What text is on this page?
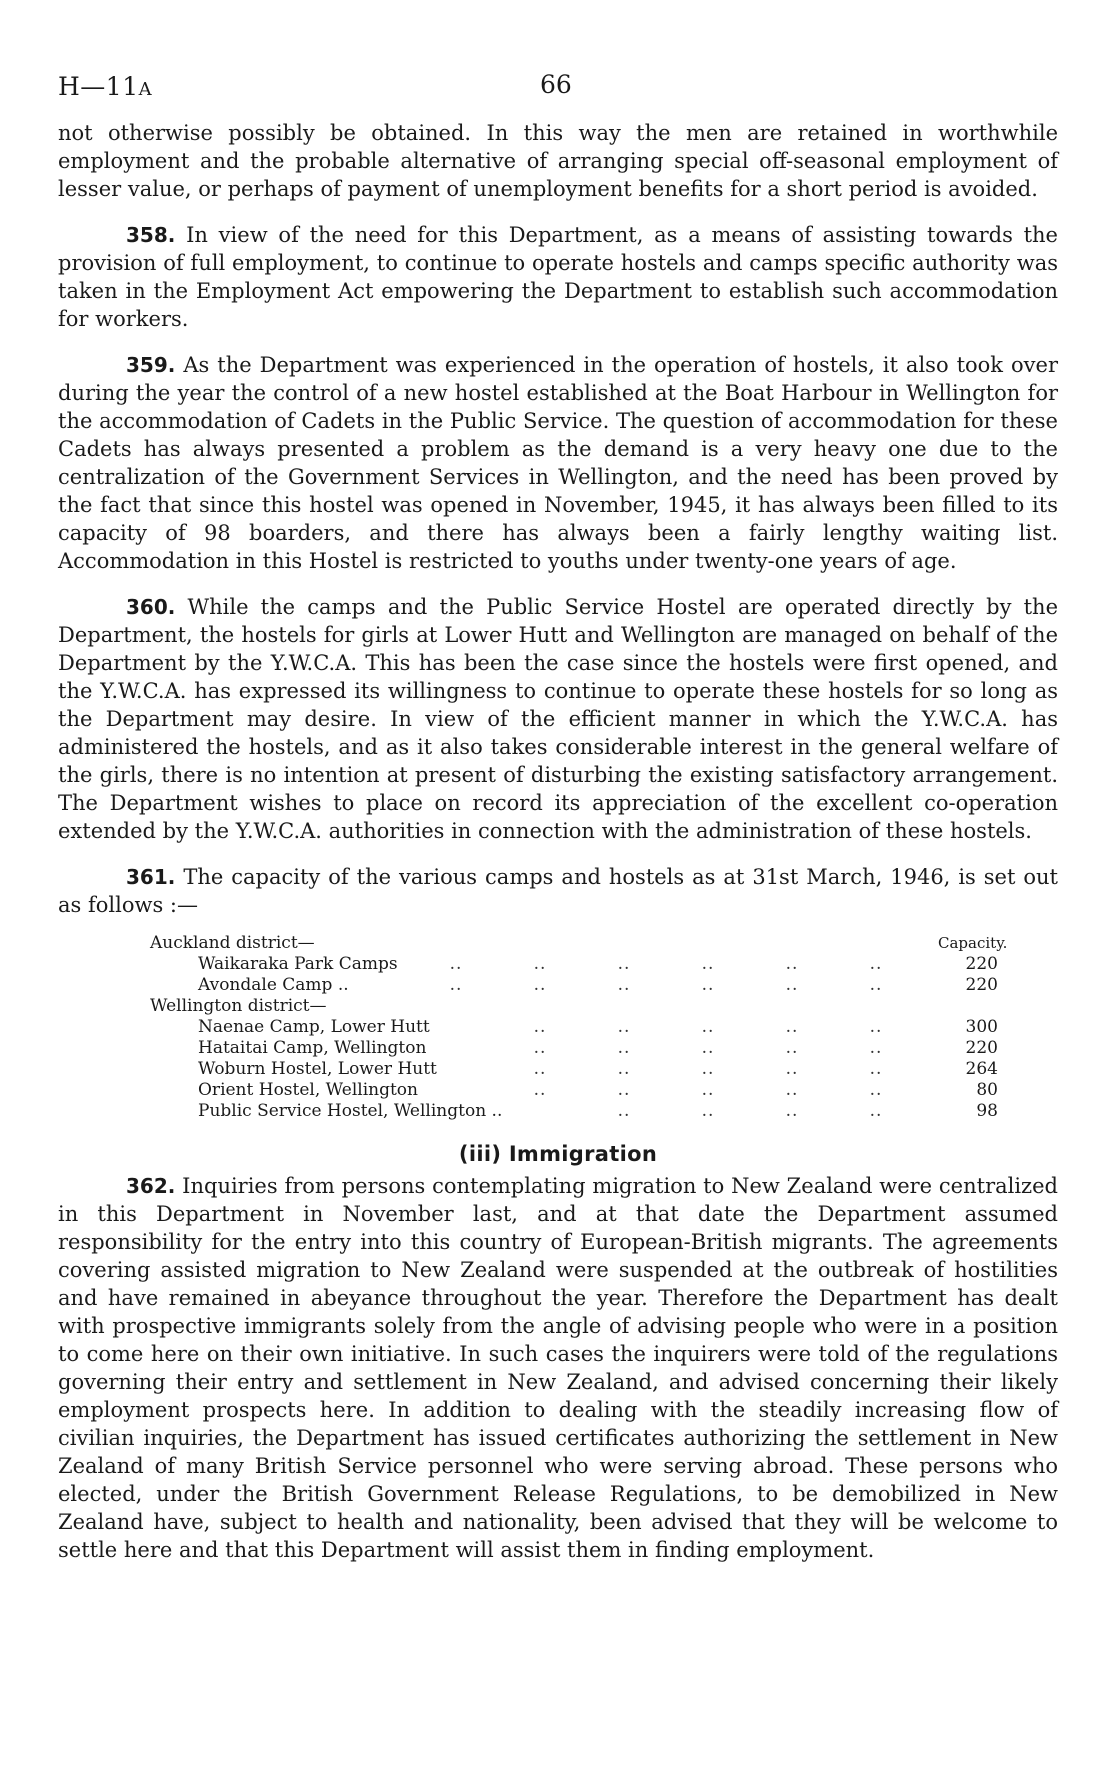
H—11A	66

not otherwise possibly be obtained. In this way the men are retained in worthwhile employment and the probable alternative of arranging special off-seasonal employment of lesser value, or perhaps of payment of unemployment benefits for a short period is avoided.

358. In view of the need for this Department, as a means of assisting towards the provision of full employment, to continue to operate hostels and camps specific authority was taken in the Employment Act empowering the Department to establish such accommodation for workers.

359. As the Department was experienced in the operation of hostels, it also took over during the year the control of a new hostel established at the Boat Harbour in Wellington for the accommodation of Cadets in the Public Service. The question of accommodation for these Cadets has always presented a problem as the demand is a very heavy one due to the centralization of the Government Services in Wellington, and the need has been proved by the fact that since this hostel was opened in November, 1945, it has always been filled to its capacity of 98 boarders, and there has always been a fairly lengthy waiting list. Accommodation in this Hostel is restricted to youths under twenty-one years of age.

360. While the camps and the Public Service Hostel are operated directly by the Department, the hostels for girls at Lower Hutt and Wellington are managed on behalf of the Department by the Y.W.C.A. This has been the case since the hostels were first opened, and the Y.W.C.A. has expressed its willingness to continue to operate these hostels for so long as the Department may desire. In view of the efficient manner in which the Y.W.C.A. has administered the hostels, and as it also takes considerable interest in the general welfare of the girls, there is no intention at present of disturbing the existing satisfactory arrangement. The Department wishes to place on record its appreciation of the excellent co-operation extended by the Y.W.C.A. authorities in connection with the administration of these hostels.

361. The capacity of the various camps and hostels as at 31st March, 1946, is set out as follows :—

Auckland district—	Capacity.
Waikaraka Park Camps	..	..	..	..	..	..	220
Avondale Camp ..	..	..	..	..	..	..	220
Wellington district—
Naenae Camp, Lower Hutt	..	..	..	..	..	300
Hataitai Camp, Wellington	..	..	..	..	..	220
Woburn Hostel, Lower Hutt	..	..	..	..	..	264
Orient Hostel, Wellington	..	..	..	..	..	80
Public Service Hostel, Wellington ..	..	..	..	..	98
(iii) Immigration

362. Inquiries from persons contemplating migration to New Zealand were centralized in this Department in November last, and at that date the Department assumed responsibility for the entry into this country of European-British migrants. The agreements covering assisted migration to New Zealand were suspended at the outbreak of hostilities and have remained in abeyance throughout the year. Therefore the Department has dealt with prospective immigrants solely from the angle of advising people who were in a position to come here on their own initiative. In such cases the inquirers were told of the regulations governing their entry and settlement in New Zealand, and advised concerning their likely employment prospects here. In addition to dealing with the steadily increasing flow of civilian inquiries, the Department has issued certificates authorizing the settlement in New Zealand of many British Service personnel who were serving abroad. These persons who elected, under the British Government Release Regulations, to be demobilized in New Zealand have, subject to health and nationality, been advised that they will be welcome to settle here and that this Department will assist them in finding employment.
